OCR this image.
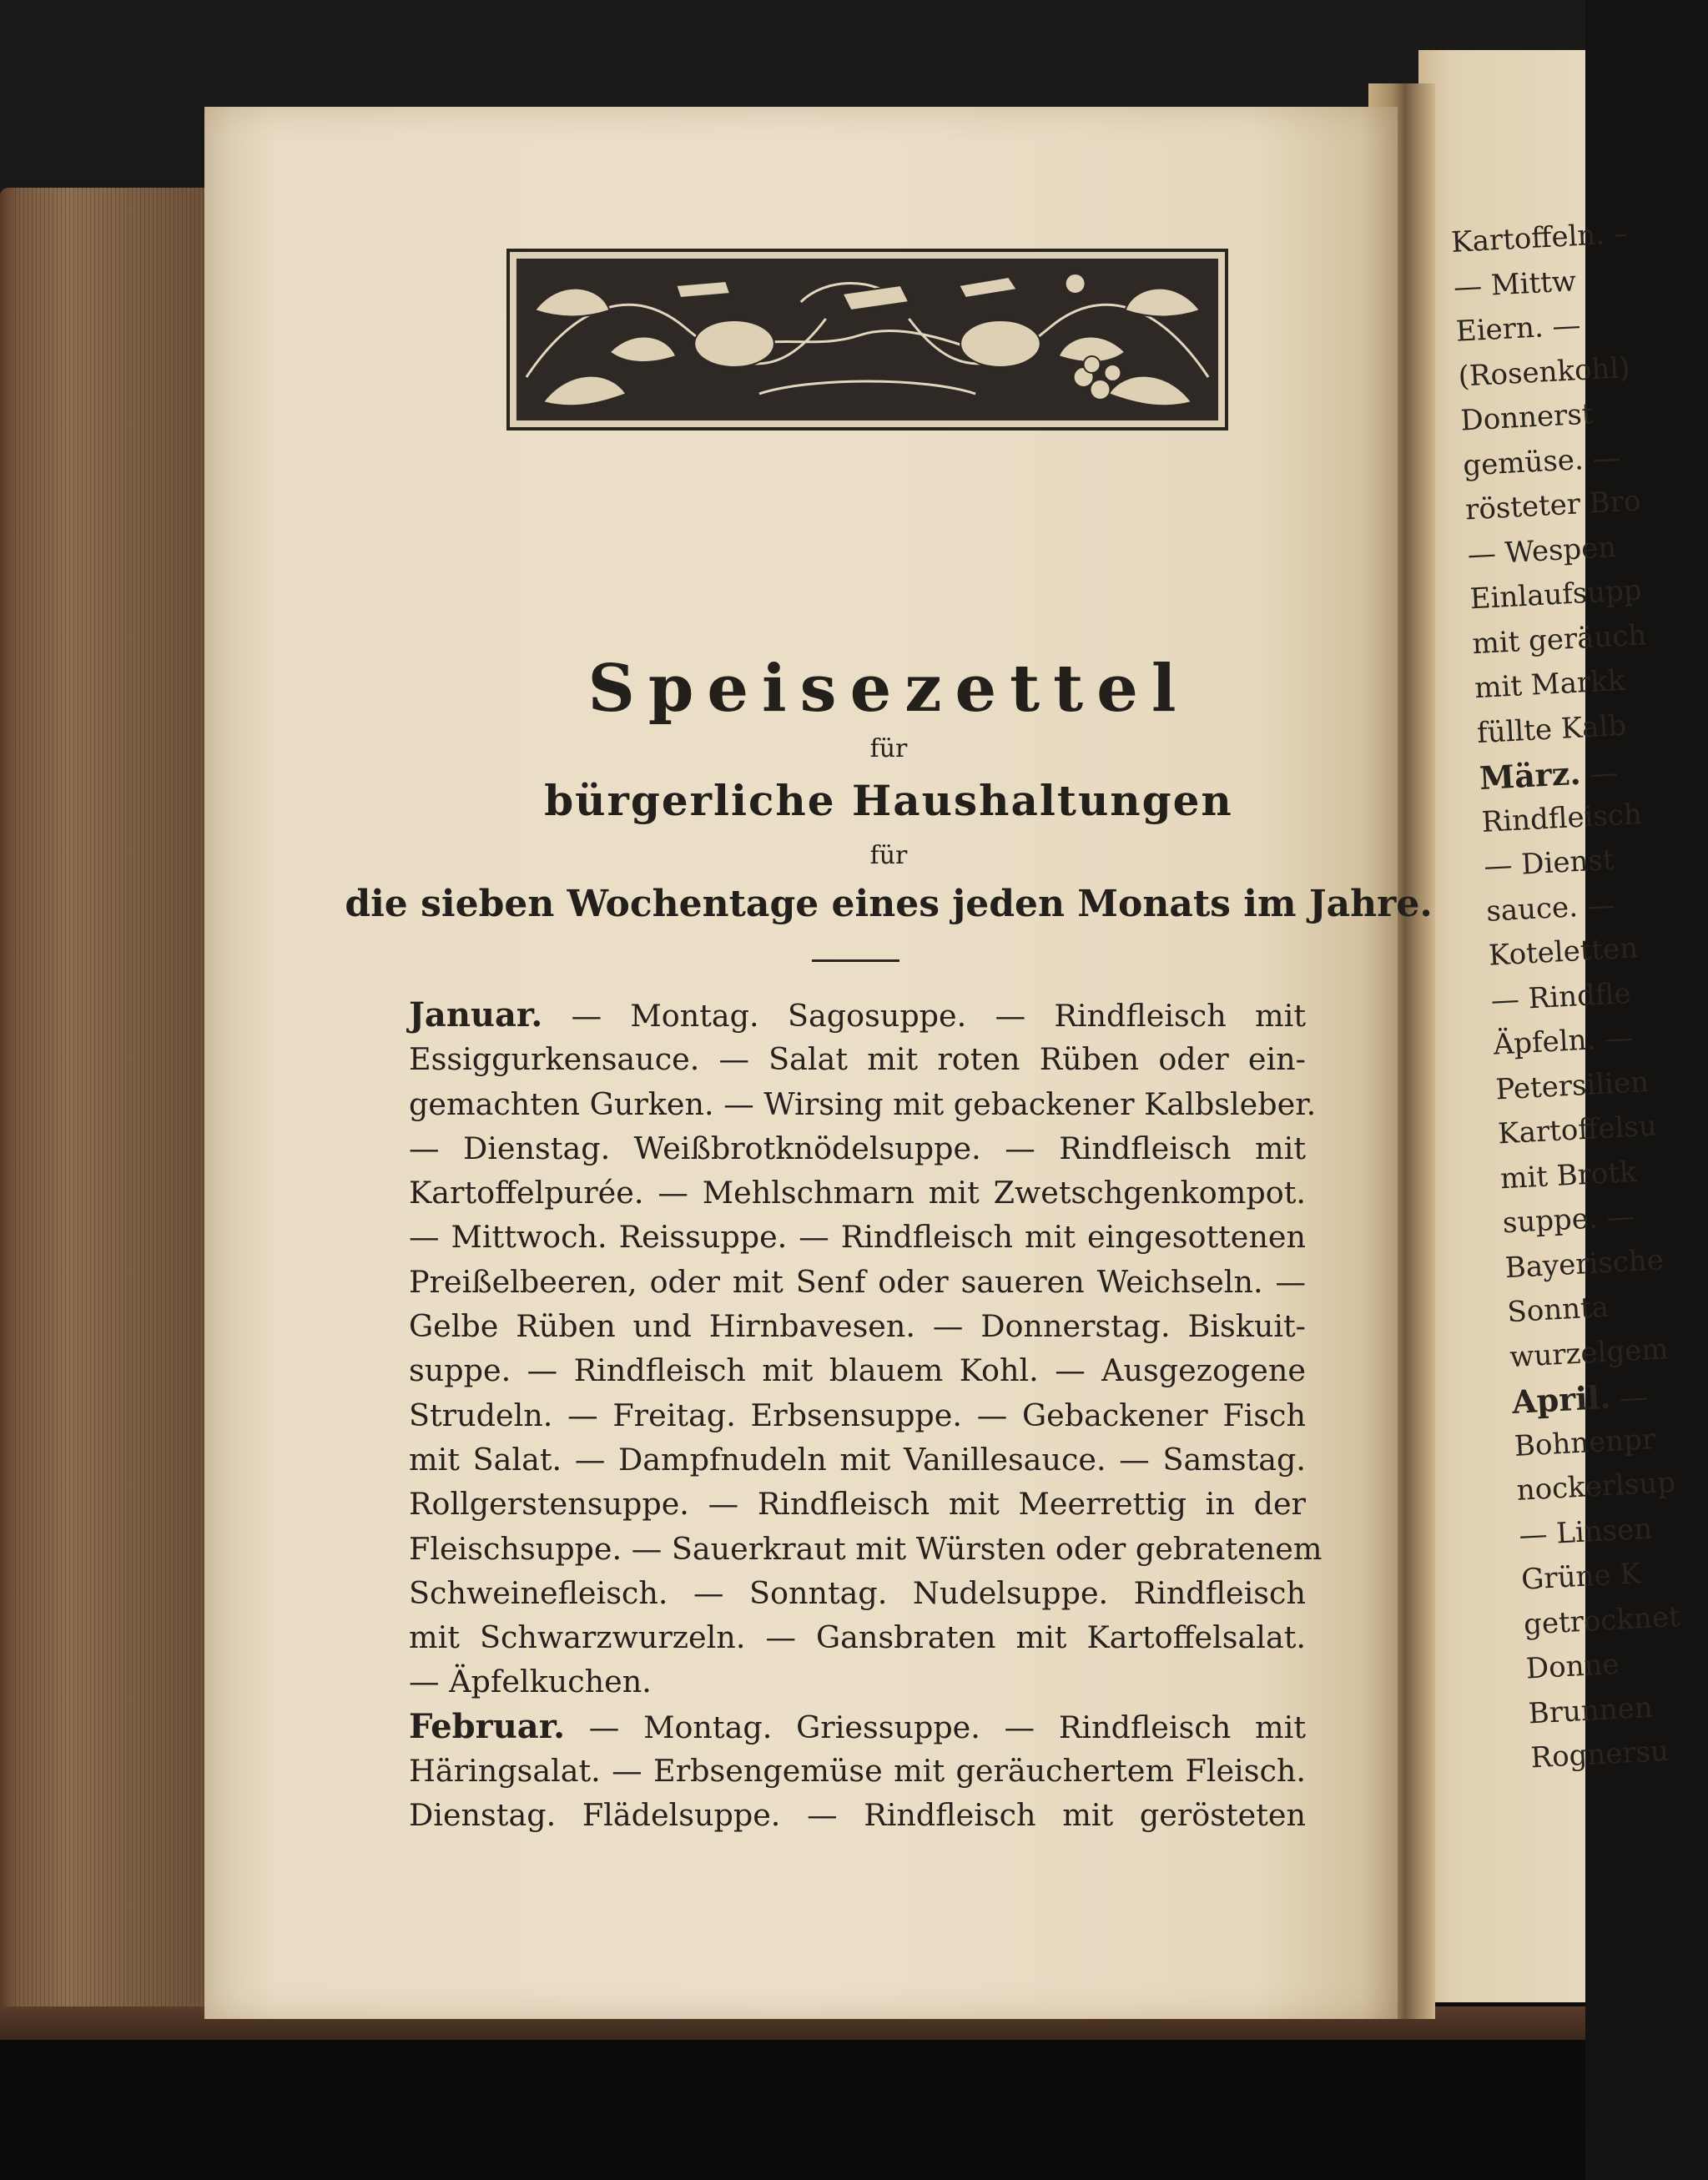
Kartoffeln. –
— Mittw
Eiern. —
(Rosenkohl)
Donnerst
gemüse. —
rösteter Bro
— Wespen
Einlaufsupp
mit geräuch
mit Markk
füllte Kalb
März. —
Rindfleisch
— Dienst
sauce. —
Koteletten
— Rindfle
Äpfeln. —
Petersilien
Kartoffelsu
mit Brotk
suppe. —
Bayerische
Sonnta
wurzelgem
April. —
Bohnenpr
nockerlsup
— Linsen
Grüne K
getrocknet
Donne
Brunnen
Rognersu
Speisezettel
für
bürgerliche Haushaltungen
für
die sieben Wochentage eines jeden Monats im Jahre.
Januar. — Montag. Sagosuppe. — Rindfleisch mit
Essiggurkensauce. — Salat mit roten Rüben oder ein-
gemachten Gurken. — Wirsing mit gebackener Kalbsleber.
— Dienstag. Weißbrotknödelsuppe. — Rindfleisch mit
Kartoffelpurée. — Mehlschmarn mit Zwetschgenkompot.
— Mittwoch. Reissuppe. — Rindfleisch mit eingesottenen
Preißelbeeren, oder mit Senf oder saueren Weichseln. —
Gelbe Rüben und Hirnbavesen. — Donnerstag. Biskuit-
suppe. — Rindfleisch mit blauem Kohl. — Ausgezogene
Strudeln. — Freitag. Erbsensuppe. — Gebackener Fisch
mit Salat. — Dampfnudeln mit Vanillesauce. — Samstag.
Rollgerstensuppe. — Rindfleisch mit Meerrettig in der
Fleischsuppe. — Sauerkraut mit Würsten oder gebratenem
Schweinefleisch. — Sonntag. Nudelsuppe. Rindfleisch
mit Schwarzwurzeln. — Gansbraten mit Kartoffelsalat.
— Äpfelkuchen.
Februar. — Montag. Griessuppe. — Rindfleisch mit
Häringsalat. — Erbsengemüse mit geräuchertem Fleisch.
Dienstag. Flädelsuppe. — Rindfleisch mit gerösteten
